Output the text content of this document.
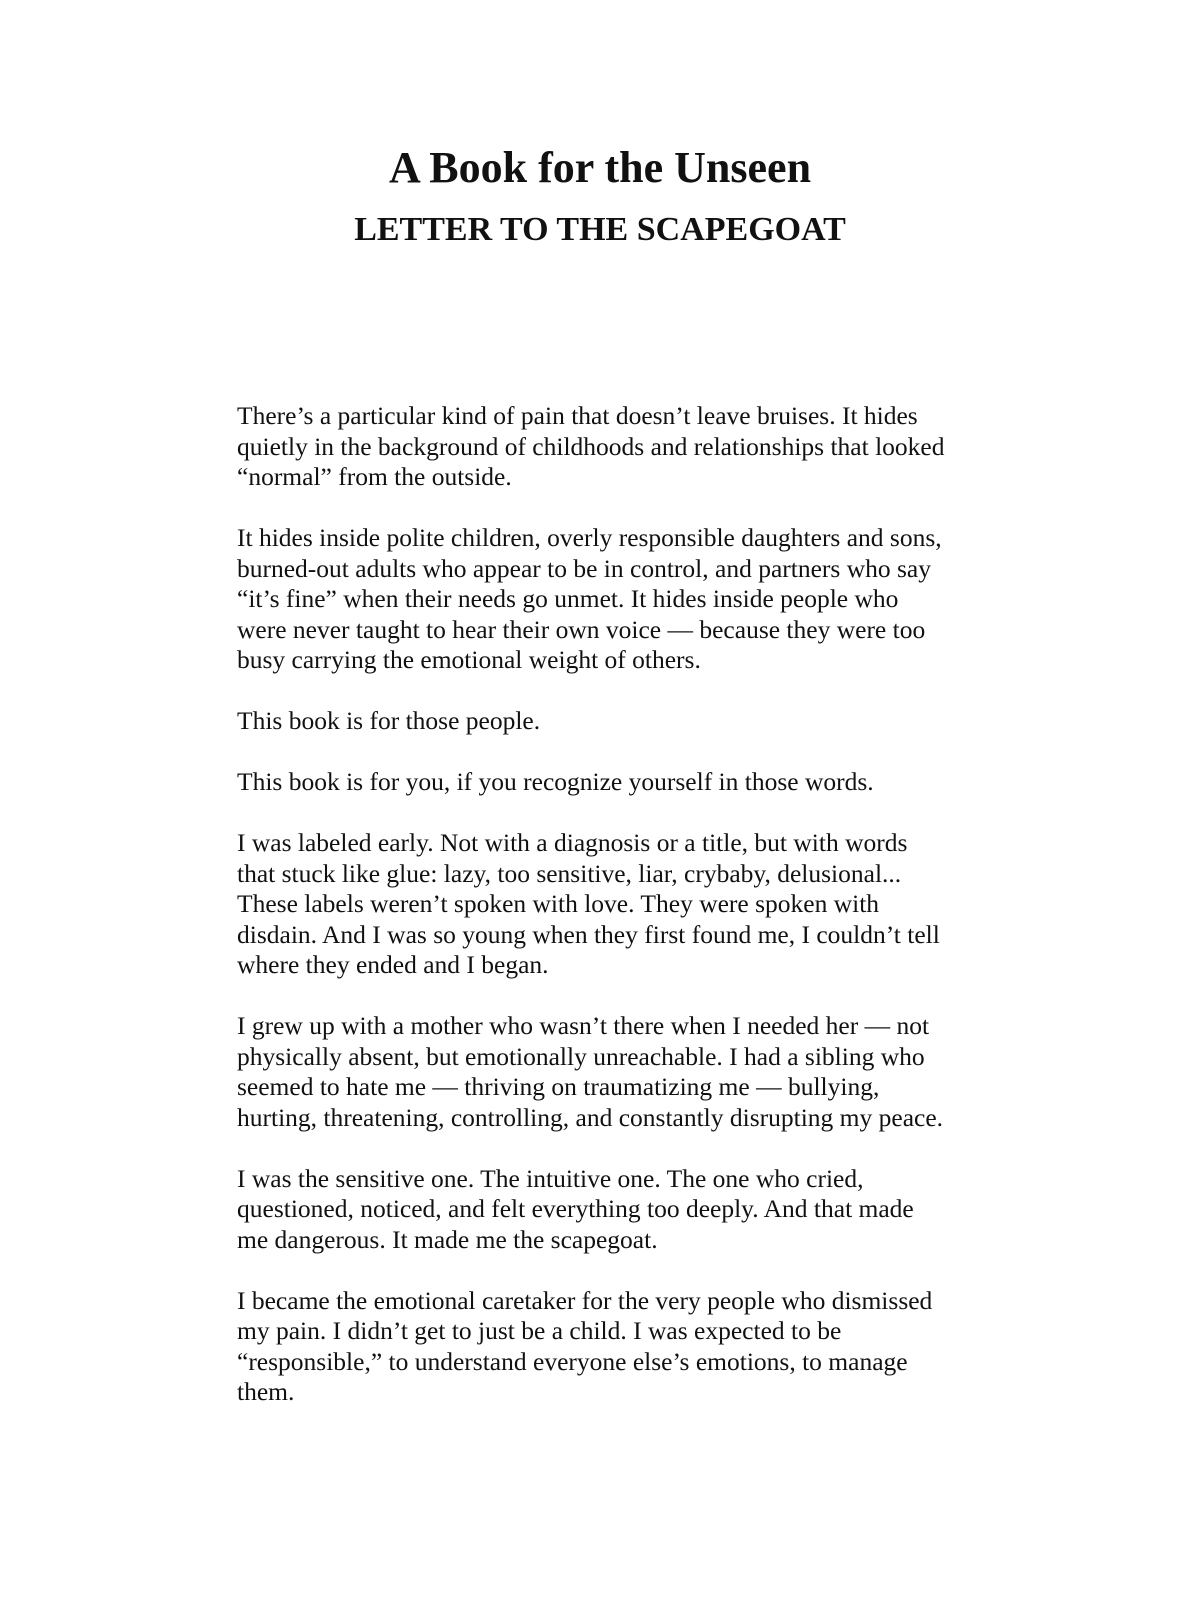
A Book for the Unseen
LETTER TO THE SCAPEGOAT

There’s a particular kind of pain that doesn’t leave bruises. It hides
quietly in the background of childhoods and relationships that looked
“normal” from the outside.

It hides inside polite children, overly responsible daughters and sons,
burned-out adults who appear to be in control, and partners who say
“it’s fine” when their needs go unmet. It hides inside people who
were never taught to hear their own voice — because they were too
busy carrying the emotional weight of others.

This book is for those people.

This book is for you, if you recognize yourself in those words.

I was labeled early. Not with a diagnosis or a title, but with words
that stuck like glue: lazy, too sensitive, liar, crybaby, delusional...
These labels weren’t spoken with love. They were spoken with
disdain. And I was so young when they first found me, I couldn’t tell
where they ended and I began.

I grew up with a mother who wasn’t there when I needed her — not
physically absent, but emotionally unreachable. I had a sibling who
seemed to hate me — thriving on traumatizing me — bullying,
hurting, threatening, controlling, and constantly disrupting my peace.

I was the sensitive one. The intuitive one. The one who cried,
questioned, noticed, and felt everything too deeply. And that made
me dangerous. It made me the scapegoat.

I became the emotional caretaker for the very people who dismissed
my pain. I didn’t get to just be a child. I was expected to be
“responsible,” to understand everyone else’s emotions, to manage
them.
